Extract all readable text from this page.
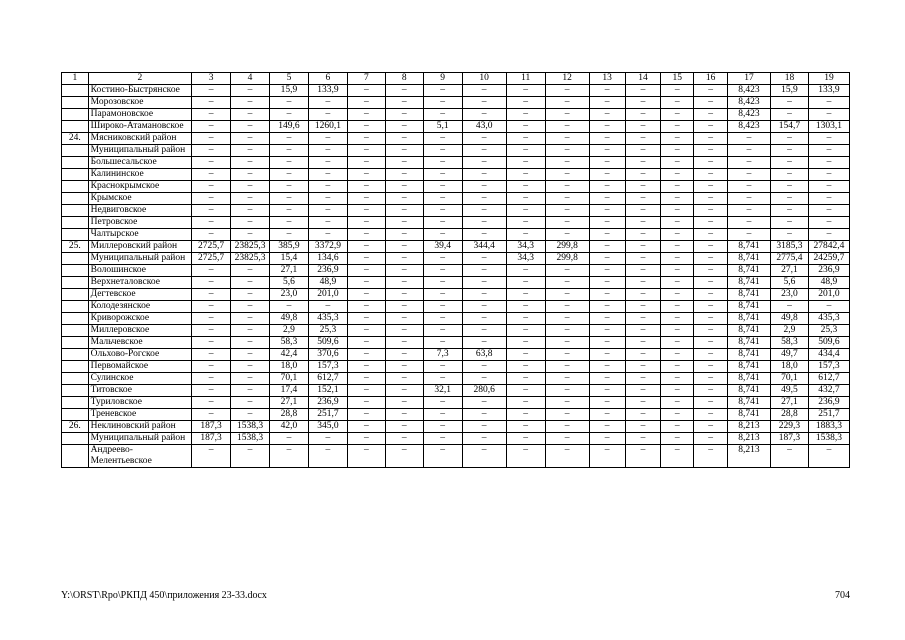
1	2	3	4	5	6	7	8	9	10	11	12	13	14	15	16	17	18	19
	Костино-Быстрянское	–	–	15,9	133,9	–	–	–	–	–	–	–	–	–	–	8,423	15,9	133,9
	Морозовское	–	–	–	–	–	–	–	–	–	–	–	–	–	–	8,423	–	–
	Парамоновское	–	–	–	–	–	–	–	–	–	–	–	–	–	–	8,423	–	–
	Широко-Атамановское	–	–	149,6	1260,1	–	–	5,1	43,0	–	–	–	–	–	–	8,423	154,7	1303,1
24.	Мясниковский район	–	–	–	–	–	–	–	–	–	–	–	–	–	–	–	–	–
	Муниципальный район	–	–	–	–	–	–	–	–	–	–	–	–	–	–	–	–	–
	Большесальское	–	–	–	–	–	–	–	–	–	–	–	–	–	–	–	–	–
	Калининское	–	–	–	–	–	–	–	–	–	–	–	–	–	–	–	–	–
	Краснокрымское	–	–	–	–	–	–	–	–	–	–	–	–	–	–	–	–	–
	Крымское	–	–	–	–	–	–	–	–	–	–	–	–	–	–	–	–	–
	Недвиговское	–	–	–	–	–	–	–	–	–	–	–	–	–	–	–	–	–
	Петровское	–	–	–	–	–	–	–	–	–	–	–	–	–	–	–	–	–
	Чалтырское	–	–	–	–	–	–	–	–	–	–	–	–	–	–	–	–	–
25.	Миллеровский район	2725,7	23825,3	385,9	3372,9	–	–	39,4	344,4	34,3	299,8	–	–	–	–	8,741	3185,3	27842,4
	Муниципальный район	2725,7	23825,3	15,4	134,6	–	–	–	–	34,3	299,8	–	–	–	–	8,741	2775,4	24259,7
	Волошинское	–	–	27,1	236,9	–	–	–	–	–	–	–	–	–	–	8,741	27,1	236,9
	Верхнеталовское	–	–	5,6	48,9	–	–	–	–	–	–	–	–	–	–	8,741	5,6	48,9
	Дегтевское	–	–	23,0	201,0	–	–	–	–	–	–	–	–	–	–	8,741	23,0	201,0
	Колодезянское	–	–	–	–	–	–	–	–	–	–	–	–	–	–	8,741	–	–
	Криворожское	–	–	49,8	435,3	–	–	–	–	–	–	–	–	–	–	8,741	49,8	435,3
	Миллеровское	–	–	2,9	25,3	–	–	–	–	–	–	–	–	–	–	8,741	2,9	25,3
	Мальчевское	–	–	58,3	509,6	–	–	–	–	–	–	–	–	–	–	8,741	58,3	509,6
	Ольхово-Рогское	–	–	42,4	370,6	–	–	7,3	63,8	–	–	–	–	–	–	8,741	49,7	434,4
	Первомайское	–	–	18,0	157,3	–	–	–	–	–	–	–	–	–	–	8,741	18,0	157,3
	Сулинское	–	–	70,1	612,7	–	–	–	–	–	–	–	–	–	–	8,741	70,1	612,7
	Титовское	–	–	17,4	152,1	–	–	32,1	280,6	–	–	–	–	–	–	8,741	49,5	432,7
	Туриловское	–	–	27,1	236,9	–	–	–	–	–	–	–	–	–	–	8,741	27,1	236,9
	Треневское	–	–	28,8	251,7	–	–	–	–	–	–	–	–	–	–	8,741	28,8	251,7
26.	Неклиновский район	187,3	1538,3	42,0	345,0	–	–	–	–	–	–	–	–	–	–	8,213	229,3	1883,3
	Муниципальный район	187,3	1538,3	–	–	–	–	–	–	–	–	–	–	–	–	8,213	187,3	1538,3
	Андреево-Мелентьевское	–	–	–	–	–	–	–	–	–	–	–	–	–	–	8,213	–	–
Y:\ORST\Rpo\РКПД 450\приложения 23-33.docx	704
